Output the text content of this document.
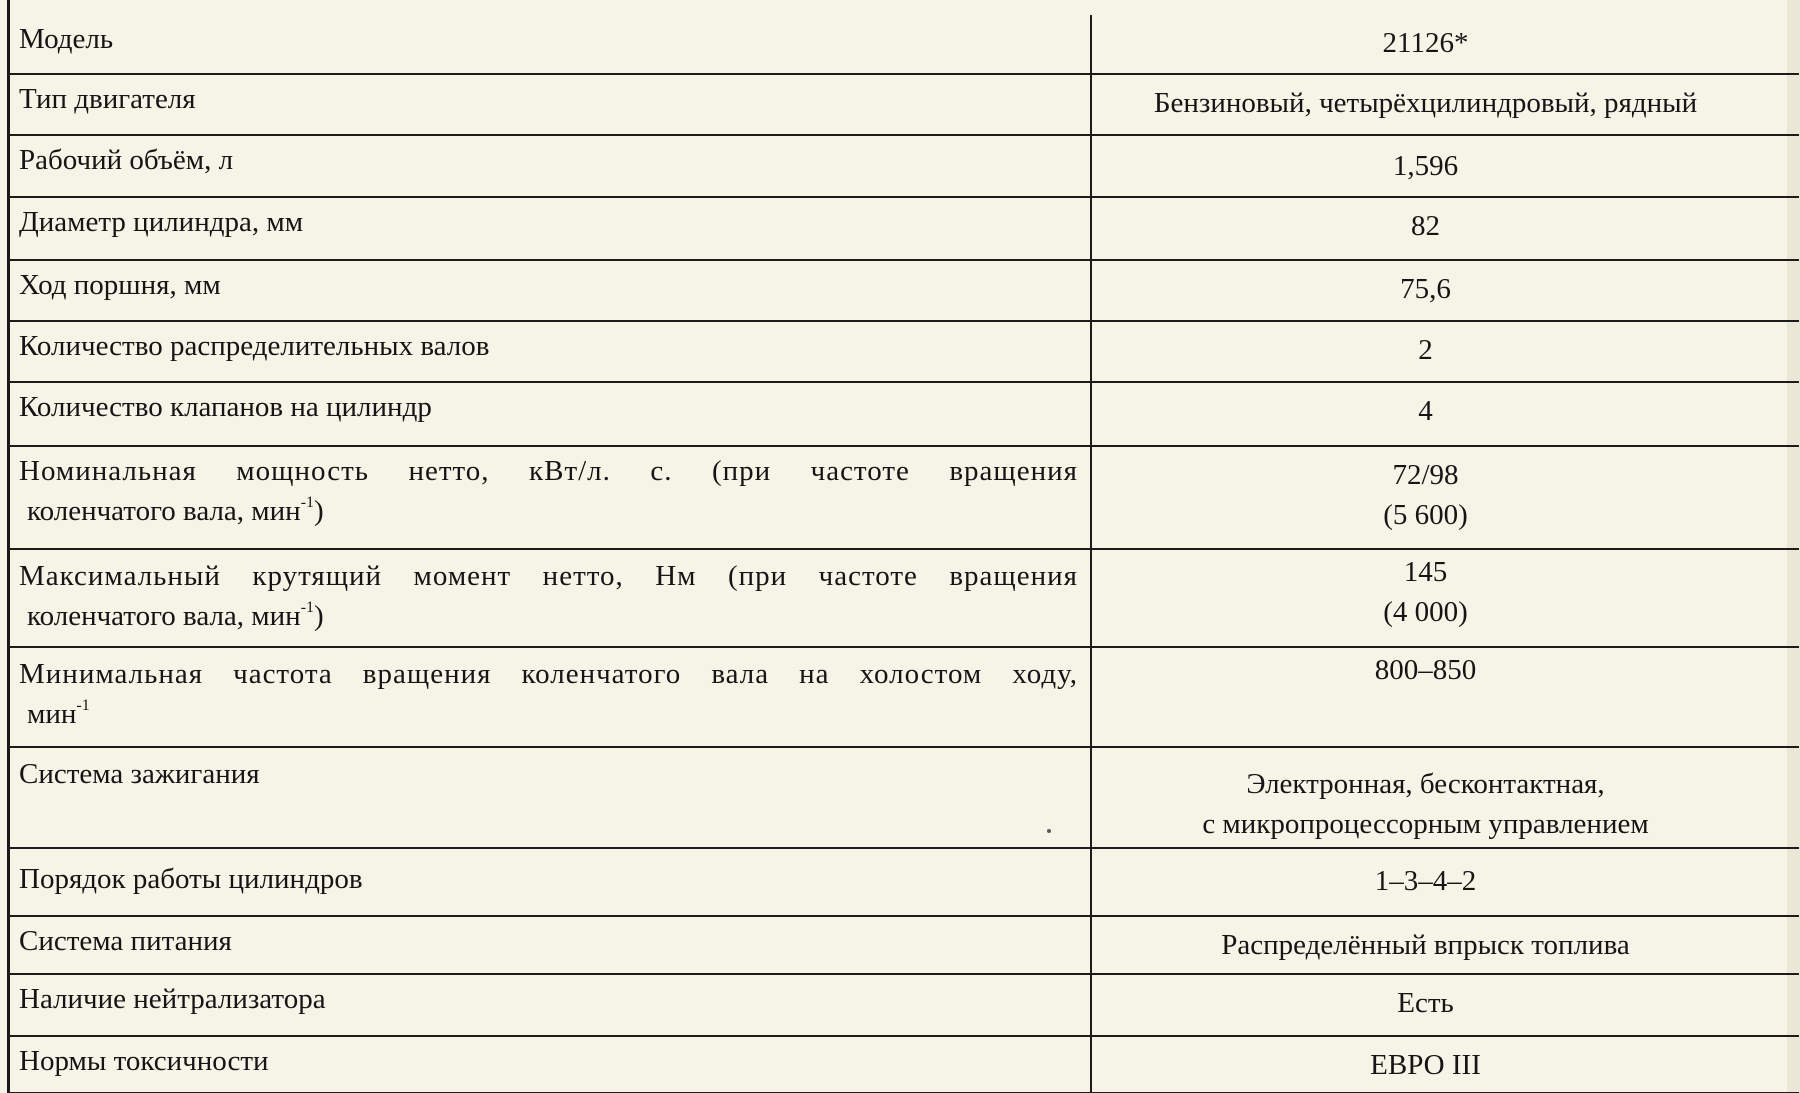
Модель	21126*

Тип двигателя	Бензиновый, четырёхцилиндровый, рядный

Рабочий объём, л	1,596

Диаметр цилиндра, мм	82

Ход поршня, мм	75,6

Количество распределительных валов	2

Количество клапанов на цилиндр	4

Номинальная мощность нетто, кВт/л. с. (при частоте вращения
коленчатого вала, мин$^{-1}$)	72/98
(5 600)

Максимальный крутящий момент нетто, Нм (при частоте вращения
коленчатого вала, мин$^{-1}$)	145
(4 000)

Минимальная частота вращения коленчатого вала на холостом ходу,
мин$^{-1}$	800–850

Система зажигания	Электронная, бесконтактная,
с микропроцессорным управлением

Порядок работы цилиндров	1–3–4–2

Система питания	Распределённый впрыск топлива

Наличие нейтрализатора	Есть

Нормы токсичности	ЕВРО III
